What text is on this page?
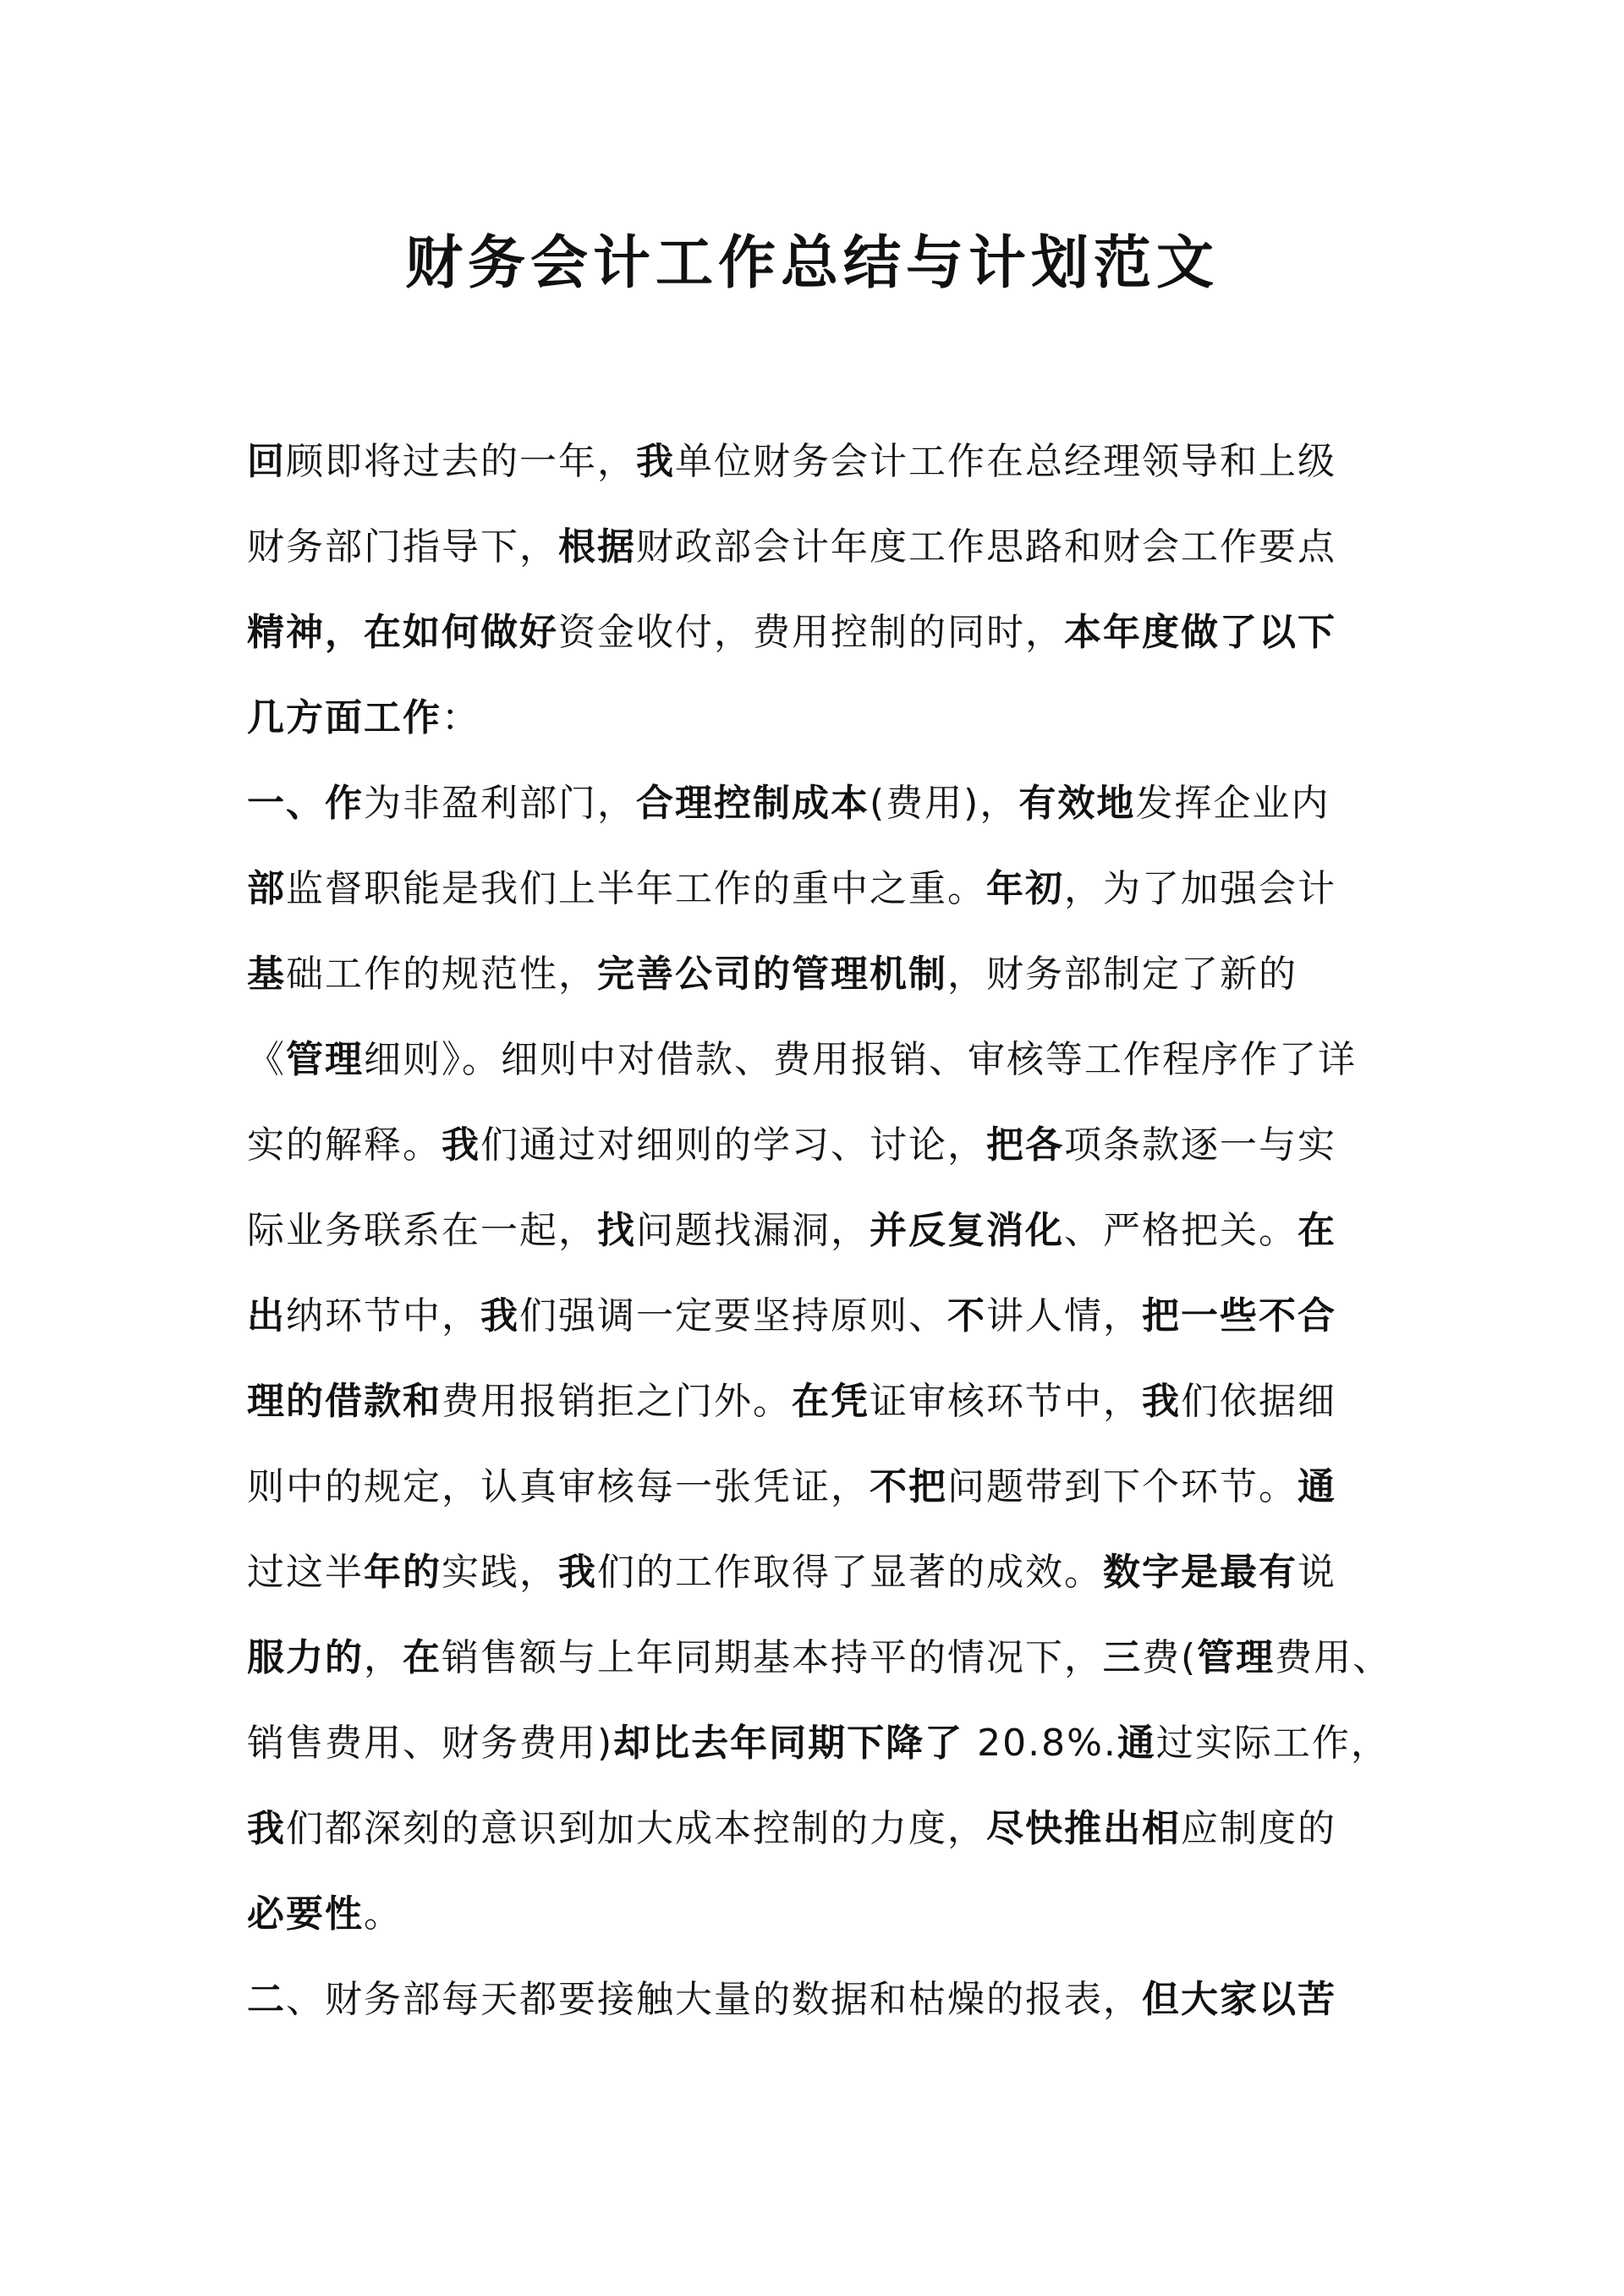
财务会计工作总结与计划范文
回顾即将过去的一年，我单位财务会计工作在总经理领导和上级
财务部门指导下，根据财政部会计年度工作思路和财会工作要点
精神，在如何做好资金收付，费用控制的同时，本年度做了以下
几方面工作：
一、作为非盈利部门，合理控制成本(费用)，有效地发挥企业内
部监督职能是我们上半年工作的重中之重。年初，为了加强会计
基础工作的规范性，完善公司的管理机制，财务部制定了新的
《管理细则》。细则中对借款、费用报销、审核等工作程序作了详
实的解释。我们通过对细则的学习、讨论，把各项条款逐一与实
际业务联系在一起，找问题找漏洞，并反复消化、严格把关。在
出纳环节中，我们强调一定要坚持原则、不讲人情，把一些不合
理的借款和费用报销拒之门外。在凭证审核环节中，我们依据细
则中的规定，认真审核每一张凭证，不把问题带到下个环节。通
过这半年的实践，我们的工作取得了显著的成效。数字是最有说
服力的，在销售额与上年同期基本持平的情况下，三费(管理费用、
销售费用、财务费用)却比去年同期下降了 20.8%.通过实际工作，
我们都深刻的意识到加大成本控制的力度，尽快推出相应制度的
必要性。
二、财务部每天都要接触大量的数据和枯燥的报表，但大家以苦
